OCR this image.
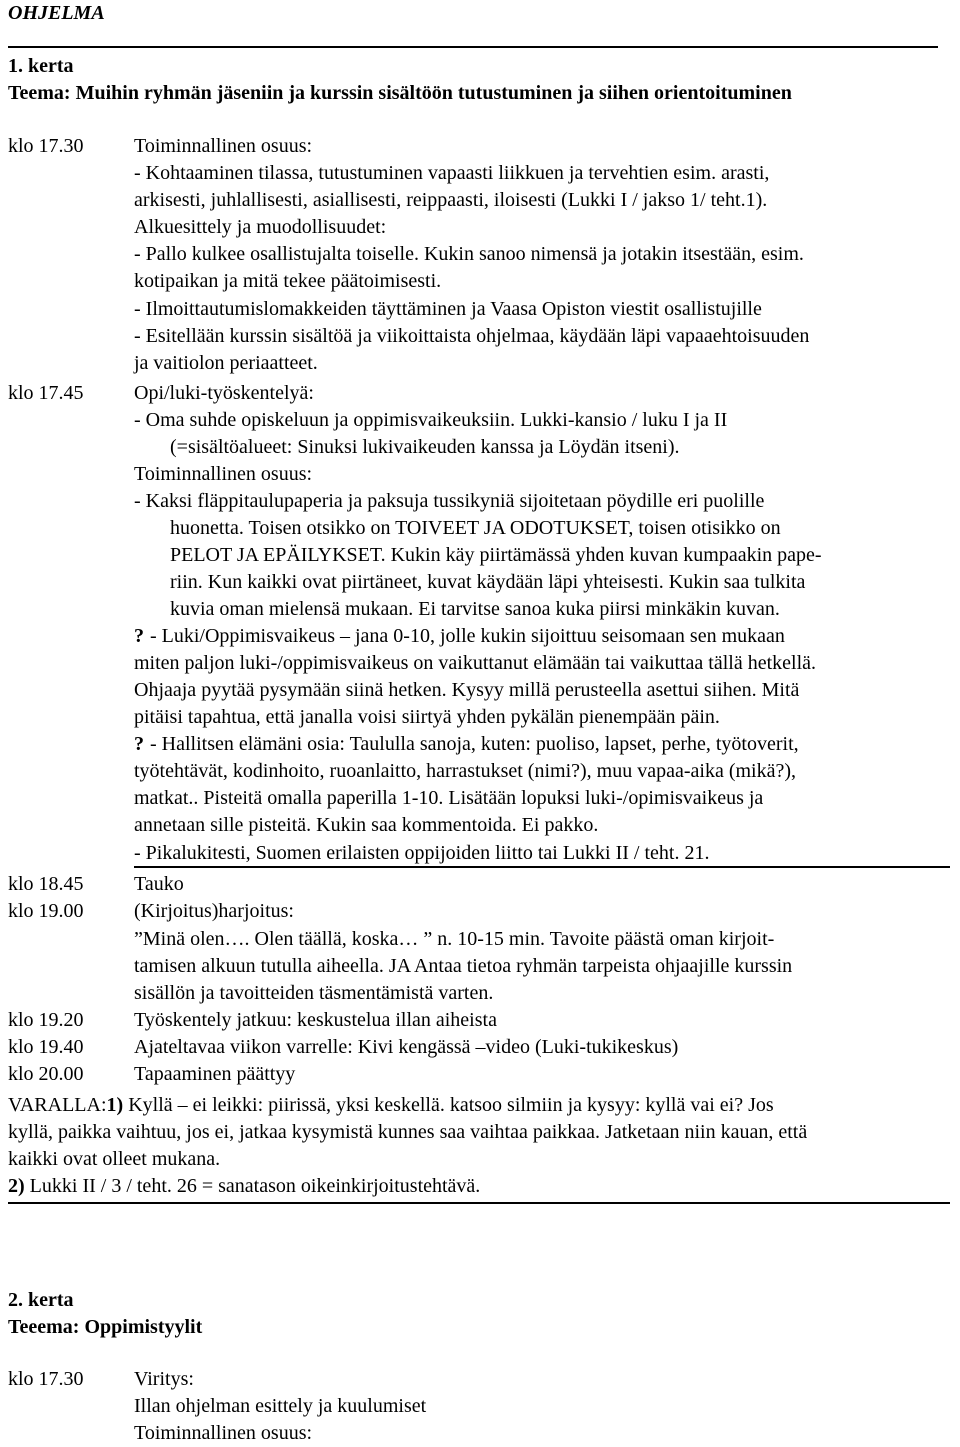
OHJELMA
1. kerta
Teema: Muihin ryhmän jäseniin ja kurssin sisältöön tutustuminen ja siihen orientoituminen
klo 17.30
klo 17.45
klo 18.45
klo 19.00
klo 19.20
klo 19.40
klo 20.00
Toiminnallinen osuus:
- Kohtaaminen tilassa, tutustuminen vapaasti liikkuen ja tervehtien esim. arasti,
arkisesti, juhlallisesti, asiallisesti, reippaasti, iloisesti (Lukki I / jakso 1/ teht.1).
Alkuesittely ja muodollisuudet:
- Pallo kulkee osallistujalta toiselle. Kukin sanoo nimensä ja jotakin itsestään, esim.
kotipaikan ja mitä tekee päätoimisesti.
- Ilmoittautumislomakkeiden täyttäminen ja Vaasa Opiston viestit osallistujille
- Esitellään kurssin sisältöä ja viikoittaista ohjelmaa, käydään läpi vapaaehtoisuuden
ja vaitiolon periaatteet.
Opi/luki-työskentelyä:
- Oma suhde opiskeluun ja oppimisvaikeuksiin. Lukki-kansio / luku I ja II
(=sisältöalueet: Sinuksi lukivaikeuden kanssa ja Löydän itseni).
Toiminnallinen osuus:
- Kaksi fläppitaulupaperia ja paksuja tussikyniä sijoitetaan pöydille eri puolille
huonetta. Toisen otsikko on TOIVEET JA ODOTUKSET, toisen otisikko on
PELOT JA EPÄILYKSET. Kukin käy piirtämässä yhden kuvan kumpaakin pape-
riin. Kun kaikki ovat piirtäneet, kuvat käydään läpi yhteisesti. Kukin saa tulkita
kuvia oman mielensä mukaan. Ei tarvitse sanoa kuka piirsi minkäkin kuvan.
? - Luki/Oppimisvaikeus – jana 0-10, jolle kukin sijoittuu seisomaan sen mukaan
miten paljon luki-/oppimisvaikeus on vaikuttanut elämään tai vaikuttaa tällä hetkellä.
Ohjaaja pyytää pysymään siinä hetken. Kysyy millä perusteella asettui siihen. Mitä
pitäisi tapahtua, että janalla voisi siirtyä yhden pykälän pienempään päin.
? - Hallitsen elämäni osia: Taululla sanoja, kuten: puoliso, lapset, perhe, työtoverit,
työtehtävät, kodinhoito, ruoanlaitto, harrastukset (nimi?), muu vapaa-aika (mikä?),
matkat.. Pisteitä omalla paperilla 1-10. Lisätään lopuksi luki-/opimisvaikeus ja
annetaan sille pisteitä. Kukin saa kommentoida. Ei pakko.
- Pikalukitesti, Suomen erilaisten oppijoiden liitto tai Lukki II / teht. 21.
Tauko
(Kirjoitus)harjoitus:
”Minä olen…. Olen täällä, koska… ” n. 10-15 min. Tavoite päästä oman kirjoit-
tamisen alkuun tutulla aiheella. JA Antaa tietoa ryhmän tarpeista ohjaajille kurssin
sisällön ja tavoitteiden täsmentämistä varten.
Työskentely jatkuu: keskustelua illan aiheista
Ajateltavaa viikon varrelle: Kivi kengässä –video (Luki-tukikeskus)
Tapaaminen päättyy
VARALLA:1) Kyllä – ei leikki: piirissä, yksi keskellä. katsoo silmiin ja kysyy: kyllä vai ei? Jos
kyllä, paikka vaihtuu, jos ei, jatkaa kysymistä kunnes saa vaihtaa paikkaa. Jatketaan niin kauan, että
kaikki ovat olleet mukana.
2) Lukki II / 3 / teht. 26 = sanatason oikeinkirjoitustehtävä.
2. kerta
Teeema: Oppimistyylit
klo 17.30	Viritys:
Illan ohjelman esittely ja kuulumiset
Toiminnallinen osuus:
